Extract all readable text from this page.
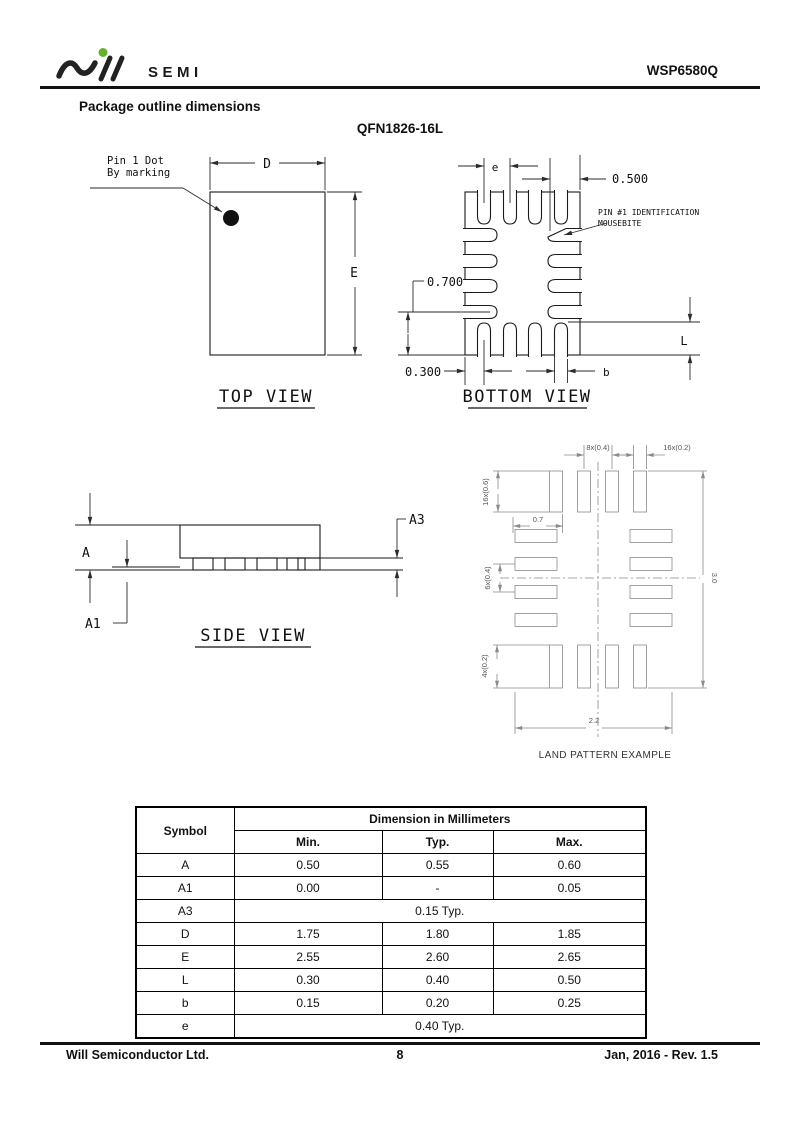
SEMI	WSP6580Q
Package outline dimensions
QFN1826-16L
D
E
Pin 1 Dot
By marking
TOP VIEW
e
0.500
PIN #1 IDENTIFICATION
MOUSEBITE
0.700
0.300	b
L
BOTTOM VIEW
A
A1
A3
SIDE VIEW
8x(0.4)	16x(0.2)
16x(0.6)
0.7
6x(0.4)
4x(0.2)
3.0
2.2
LAND PATTERN EXAMPLE
Symbol	Dimension in Millimeters		
	Min.	Typ.	Max.
A	0.50	0.55	0.60
A1	0.00	-	0.05
A3	0.15 Typ.		
D	1.75	1.80	1.85
E	2.55	2.60	2.65
L	0.30	0.40	0.50
b	0.15	0.20	0.25
e	0.40 Typ.		
Will Semiconductor Ltd.	8	Jan, 2016 - Rev. 1.5
